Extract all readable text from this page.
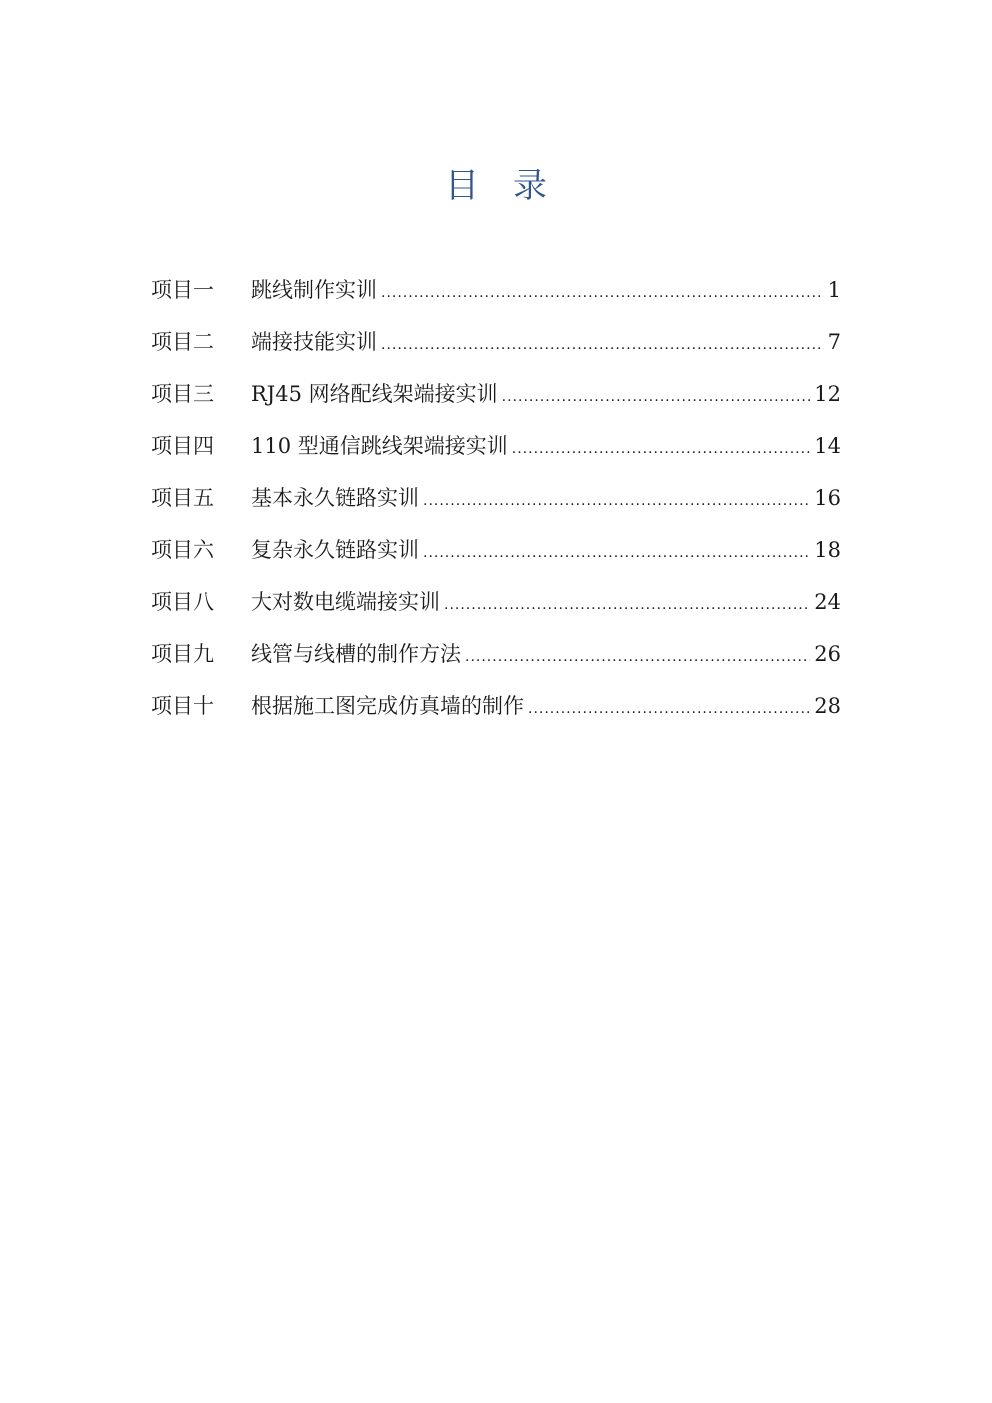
目　录
项目一	跳线制作实训 .....	1
项目二	端接技能实训 .....	7
项目三	RJ45 网络配线架端接实训 .....	12
项目四	110 型通信跳线架端接实训 .....	14
项目五	基本永久链路实训 .....	16
项目六	复杂永久链路实训 .....	18
项目八	大对数电缆端接实训 .....	24
项目九	线管与线槽的制作方法 .....	26
项目十	根据施工图完成仿真墙的制作 .....	28
